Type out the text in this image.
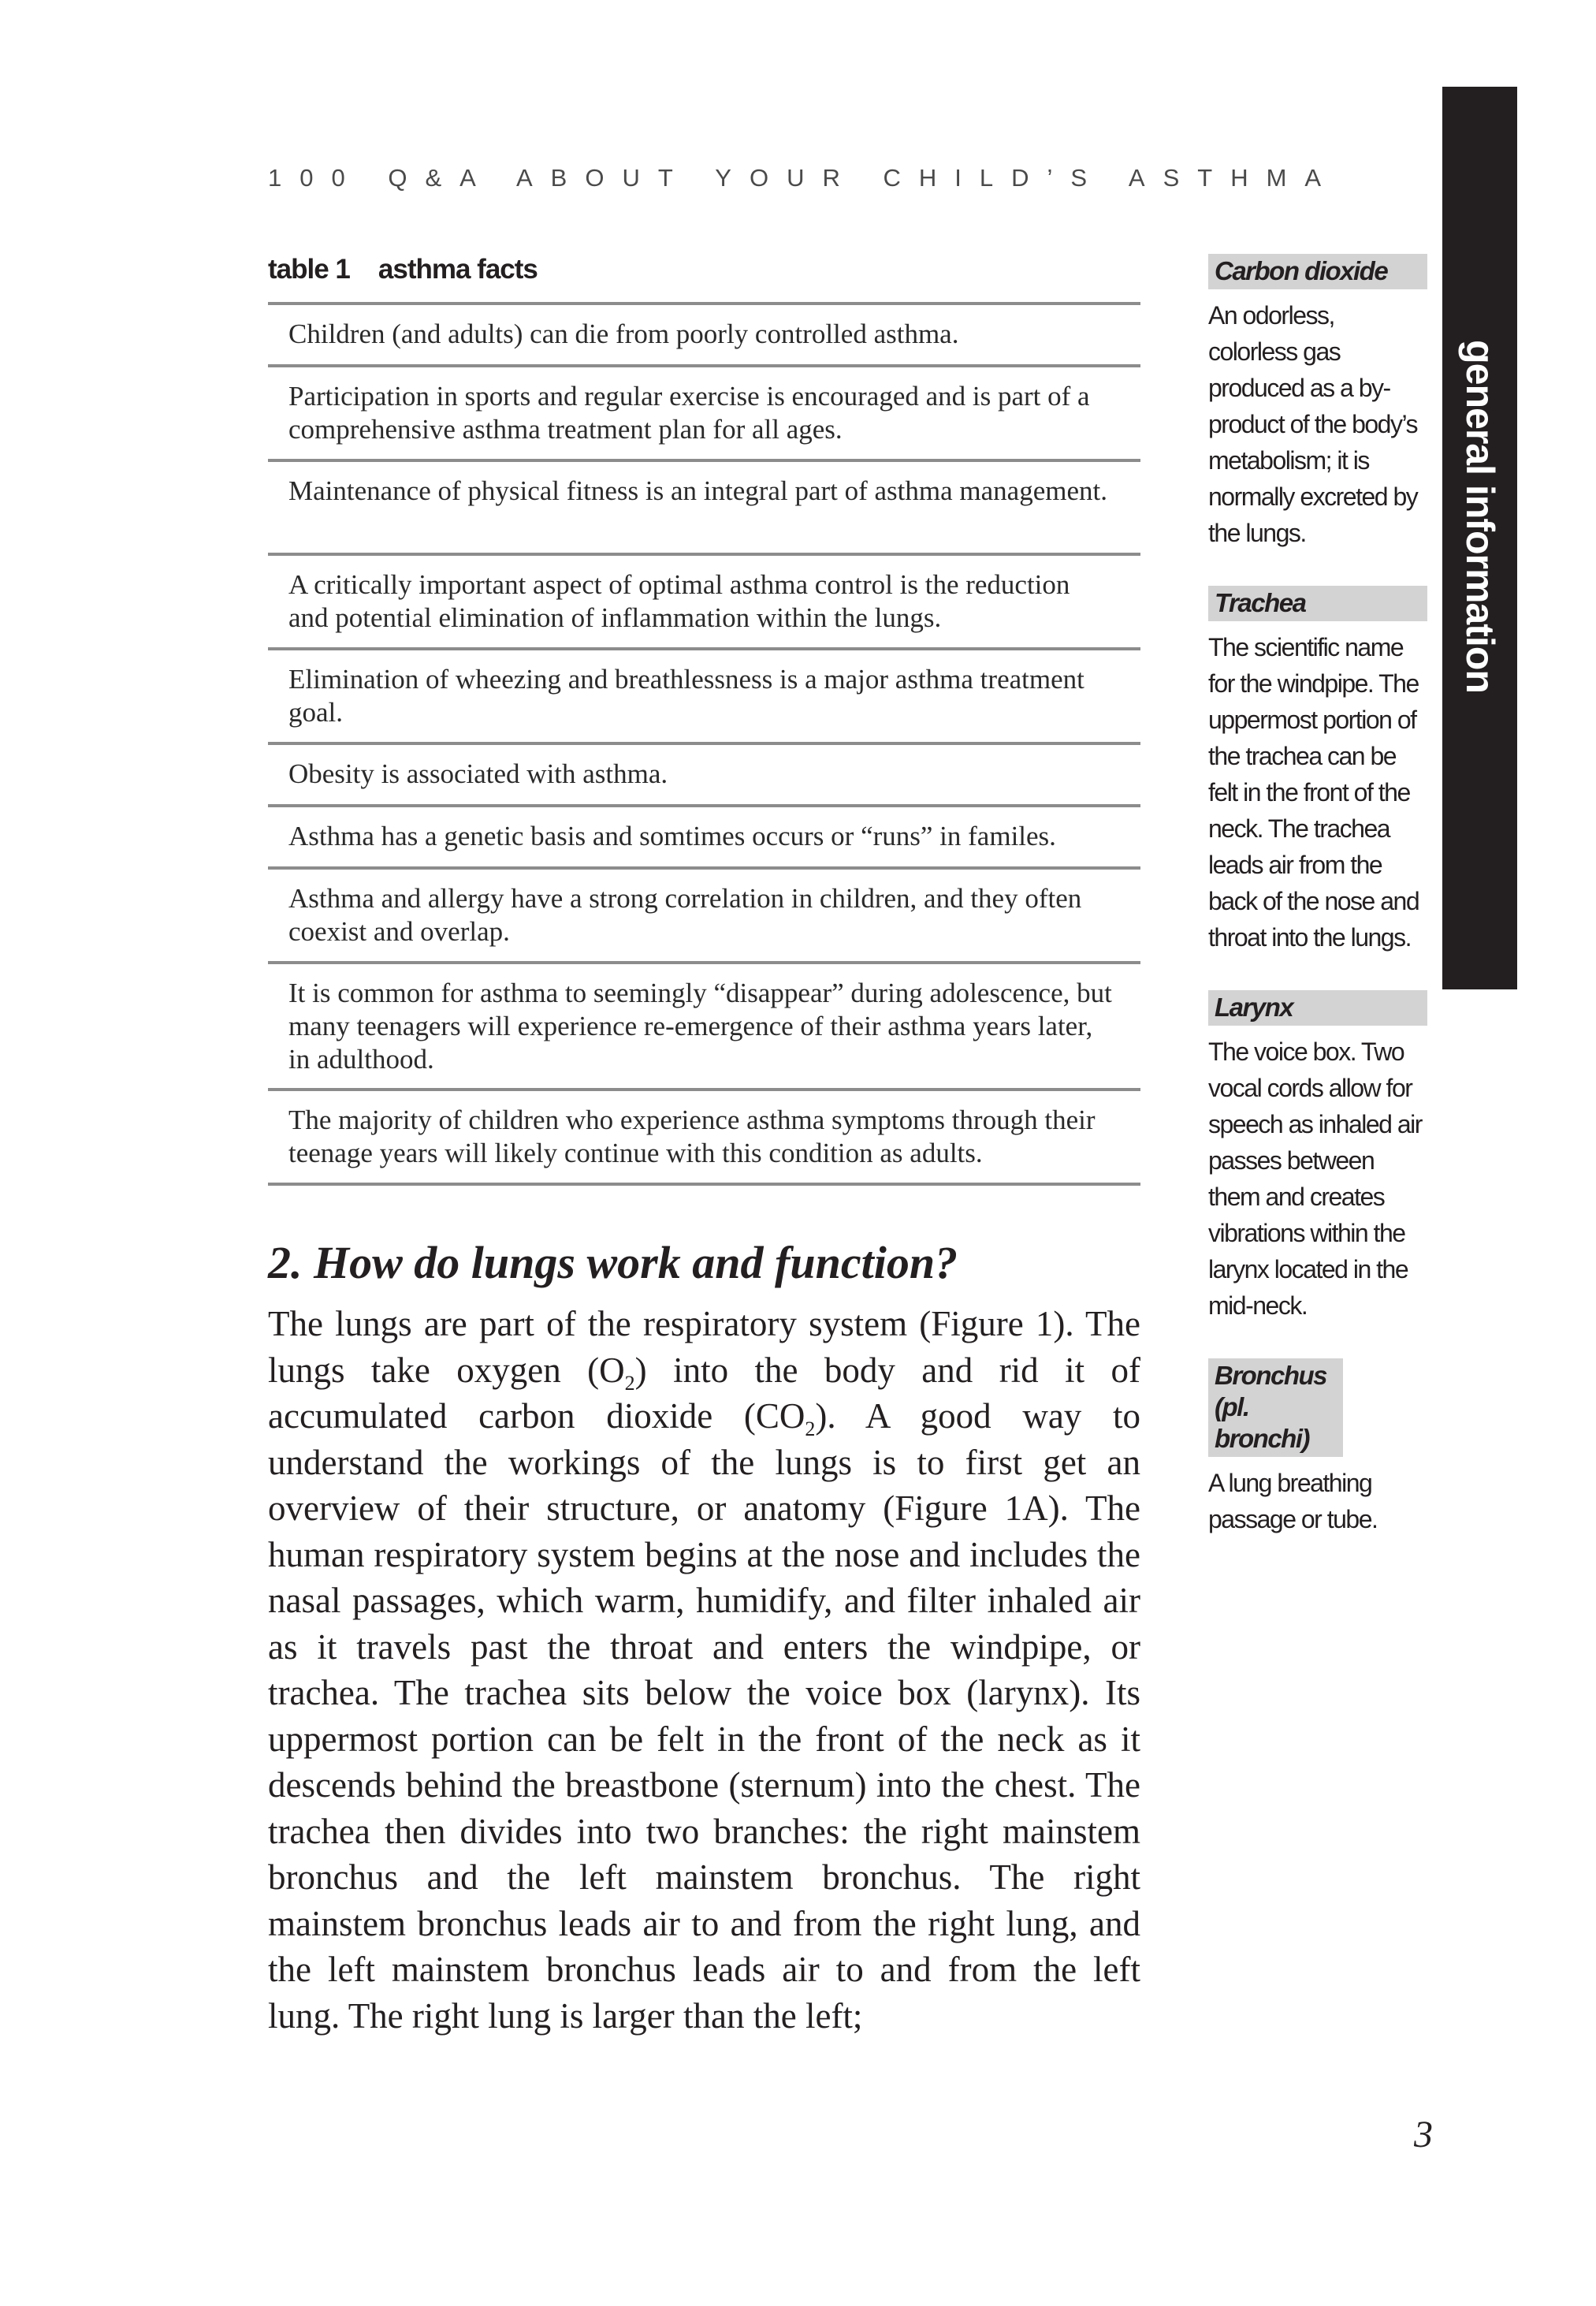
100 Q&A ABOUT YOUR CHILD’S ASTHMA
table 1 asthma facts
Children (and adults) can die from poorly controlled asthma.
Participation in sports and regular exercise is encouraged and is part of a comprehensive asthma treatment plan for all ages.
Maintenance of physical fitness is an integral part of asthma management.
A critically important aspect of optimal asthma control is the reduction and potential elimination of inflammation within the lungs.
Elimination of wheezing and breathlessness is a major asthma treatment goal.
Obesity is associated with asthma.
Asthma has a genetic basis and somtimes occurs or “runs” in familes.
Asthma and allergy have a strong correlation in children, and they often coexist and overlap.
It is common for asthma to seemingly “disappear” during adolescence, but many teenagers will experience re-emergence of their asthma years later, in adulthood.
The majority of children who experience asthma symptoms through their teenage years will likely continue with this condition as adults.
2. How do lungs work and function?
The lungs are part of the respiratory system (Figure 1). The lungs take oxygen $(O_2)$ into the body and rid it of accumulated carbon dioxide $(CO_2)$. A good way to understand the workings of the lungs is to first get an overview of their structure, or anatomy (Figure 1A). The human respiratory system begins at the nose and includes the nasal passages, which warm, humidify, and filter inhaled air as it travels past the throat and enters the windpipe, or trachea. The trachea sits below the voice box (larynx). Its uppermost portion can be felt in the front of the neck as it descends behind the breastbone (sternum) into the chest. The trachea then divides into two branches: the right mainstem bronchus and the left mainstem bronchus. The right mainstem bronchus leads air to and from the right lung, and the left mainstem bronchus leads air to and from the left lung. The right lung is larger than the left;
Carbon dioxide
An odorless, colorless gas produced as a by-product of the body’s metabolism; it is normally excreted by the lungs.
Trachea
The scientific name for the windpipe. The uppermost portion of the trachea can be felt in the front of the neck. The trachea leads air from the back of the nose and throat into the lungs.
Larynx
The voice box. Two vocal cords allow for speech as inhaled air passes between them and creates vibrations within the larynx located in the mid-neck.
Bronchus (pl. bronchi)
A lung breathing passage or tube.
general information
3
